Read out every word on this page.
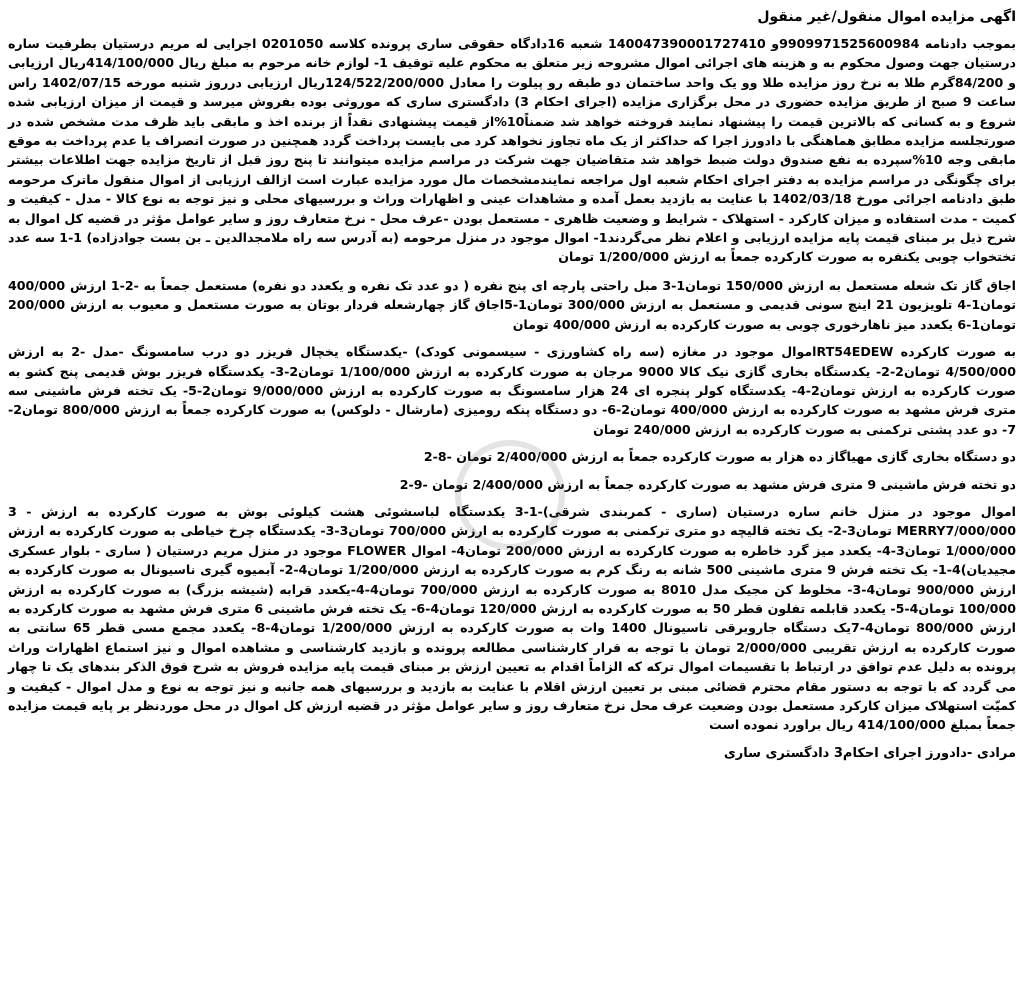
اگهی مزایده اموال منقول/غیر منقول
بموجب دادنامه 9909971525600984و 140047390001727410 شعبه 16دادگاه حقوقی ساری پرونده کلاسه 0201050 اجرایی له مریم درستیان بطرفیت ساره درستیان جهت وصول محکوم به و هزینه های اجرائی اموال مشروحه زیر متعلق به محکوم علیه توقیف 1- لوازم خانه مرحوم به مبلغ ریال 414/100/000ریال ارزیابی و 84/200گرم طلا به نرخ روز مزایده طلا وو یک واحد ساختمان دو طبقه رو پیلوت را معادل 124/522/200/000ریال ارزیابی درروز شنبه مورخه 1402/07/15 راس ساعت 9 صبح از طریق مزایده حضوری در محل برگزاری مزایده (اجرای احکام 3) دادگستری ساری که موروثی بوده بفروش میرسد و قیمت از میزان ارزیابی شده شروع و به کسانی که بالاترین قیمت را پیشنهاد نمایند فروخته خواهد شد ضمناً10%از قیمت پیشنهادی نقداً از برنده اخذ و مابقی باید ظرف مدت مشخص شده در صورتجلسه مزایده مطابق هماهنگی با دادورز اجرا که حداکثر از یک ماه تجاوز نخواهد کرد می بایست پرداخت گردد همچنین در صورت انصراف یا عدم پرداخت به موقع مابقی وجه 10%سپرده به نفع صندوق دولت ضبط خواهد شد متقاضیان جهت شرکت در مراسم مزایده میتوانند تا پنج روز قبل از تاریخ مزایده جهت اطلاعات بیشتر برای چگونگی در مراسم مزایده به دفتر اجرای احکام شعبه اول مراجعه نمایندمشخصات مال مورد مزایده عبارت است ازالف ارزیابی از اموال منقول ماترک مرحومه طبق دادنامه اجرائی مورخ 1402/03/18 با عنایت به بازدید بعمل آمده و مشاهدات عینی و اظهارات وراث و بررسیهای محلی و نیز توجه به نوع کالا - مدل - کیفیت و کمیت - مدت استفاده و میزان کارکرد - استهلاک - شرایط و وضعیت ظاهری - مستعمل بودن -عرف محل - نرخ متعارف روز و سایر عوامل مؤثر در قضیه کل اموال به شرح ذیل بر مبنای قیمت پایه مزایده ارزیابی و اعلام نظر می‌گردند1- اموال موجود در منزل مرحومه (به آدرس سه راه ملامجدالدین ـ بن بست جوادزاده) 1-1 سه عدد تختخواب چوبی یکنفره به صورت کارکرده جمعاً به ارزش 1/200/000 تومان
اجاق گاز تک شعله مستعمل به ارزش 150/000 تومان1-3 مبل راحتی پارچه ای پنج نفره ( دو عدد تک نفره و یکعدد دو نفره) مستعمل جمعاً به -2-1 ارزش 400/000 تومان1-4 تلویزیون 21 اینچ سونی قدیمی و مستعمل به ارزش 300/000 تومان1-5اجاق گاز چهارشعله فردار بوتان به صورت مستعمل و معیوب به ارزش 200/000 تومان1-6 یکعدد میز ناهارخوری چوبی به صورت کارکرده به ارزش 400/000 تومان
به صورت کارکرده RT54EDEWاموال موجود در مغازه (سه راه کشاورزی - سیسمونی کودک) -یکدستگاه یخچال فریزر دو درب سامسونگ -مدل -2 به ارزش 4/500/000 تومان2-2- یکدستگاه بخاری گازی نیک کالا 9000 مرجان به صورت کارکرده به ارزش 1/100/000 تومان2-3- یکدستگاه فریزر بوش قدیمی پنج کشو به صورت کارکرده به ارزش تومان2-4- یکدستگاه کولر پنجره ای 24 هزار سامسونگ به صورت کارکرده به ارزش 9/000/000 تومان2-5- یک تخته فرش ماشینی سه متری فرش مشهد به صورت کارکرده به ارزش 400/000 تومان2-6- دو دستگاه پنکه رومیزی (مارشال - دلوکس) به صورت کارکرده جمعاً به ارزش 800/000 تومان2-7- دو عدد پشتی ترکمنی به صورت کارکرده به ارزش 240/000 تومان
دو دستگاه بخاری گازی مهیاگاز ده هزار به صورت کارکرده جمعاً به ارزش 2/400/000 تومان -8-2
دو تخته فرش ماشینی 9 متری فرش مشهد به صورت کارکرده جمعاً به ارزش 2/400/000 تومان -9-2
اموال موجود در منزل خانم ساره درستیان (ساری - کمربندی شرقی)-1-3 یکدستگاه لباسشوئی هشت کیلوئی بوش به صورت کارکرده به ارزش - 3 MERRY7/000/000 تومان3-2- یک تخته قالیچه دو متری ترکمنی به صورت کارکرده به ارزش 700/000 تومان3-3- یکدستگاه چرخ خیاطی به صورت کارکرده به ارزش 1/000/000 تومان3-4- یکعدد میز گرد خاطره به صورت کارکرده به ارزش 200/000 تومان4- اموال FLOWER موجود در منزل مریم درستیان ( ساری - بلوار عسکری مجیدیان)4-1- یک تخته فرش 9 متری ماشینی 500 شانه به رنگ کرم به صورت کارکرده به ارزش 1/200/000 تومان4-2- آبمیوه گیری ناسیونال به صورت کارکرده به ارزش 900/000 تومان4-3- مخلوط کن مجیک مدل 8010 به صورت کارکرده به ارزش 700/000 تومان4-4-یکعدد قرابه (شیشه بزرگ) به صورت کارکرده به ارزش 100/000 تومان4-5- یکعدد قابلمه تفلون قطر 50 به صورت کارکرده به ارزش 120/000 تومان4-6- یک تخته فرش ماشینی 6 متری فرش مشهد به صورت کارکرده به ارزش 800/000 تومان4-7یک دستگاه جاروبرقی ناسیونال 1400 وات به صورت کارکرده به ارزش 1/200/000 تومان4-8- یکعدد مجمع مسی قطر 65 سانتی به صورت کارکرده به ارزش تقریبی 2/000/000 تومان با توجه به قرار کارشناسی مطالعه پرونده و بازدید کارشناسی و مشاهده اموال و نیز استماع اظهارات وراث پرونده به دلیل عدم توافق در ارتباط با تقسیمات اموال ترکه که الزاماً اقدام به تعیین ارزش بر مبنای قیمت پایه مزایده فروش به شرح فوق الذکر بندهای یک تا چهار می گردد که با توجه به دستور مقام محترم قضائی مبنی بر تعیین ارزش اقلام با عنایت به بازدید و بررسیهای همه جانبه و نیز توجه به نوع و مدل اموال - کیفیت و کمیّت استهلاک میزان کارکرد مستعمل بودن وضعیت عرف محل نرخ متعارف روز و سایر عوامل مؤثر در قضیه ارزش کل اموال در محل موردنظر بر پایه قیمت مزایده جمعاً بمبلغ 414/100/000 ریال براورد نموده است
مرادی -دادورز اجرای احکام3 دادگستری ساری
